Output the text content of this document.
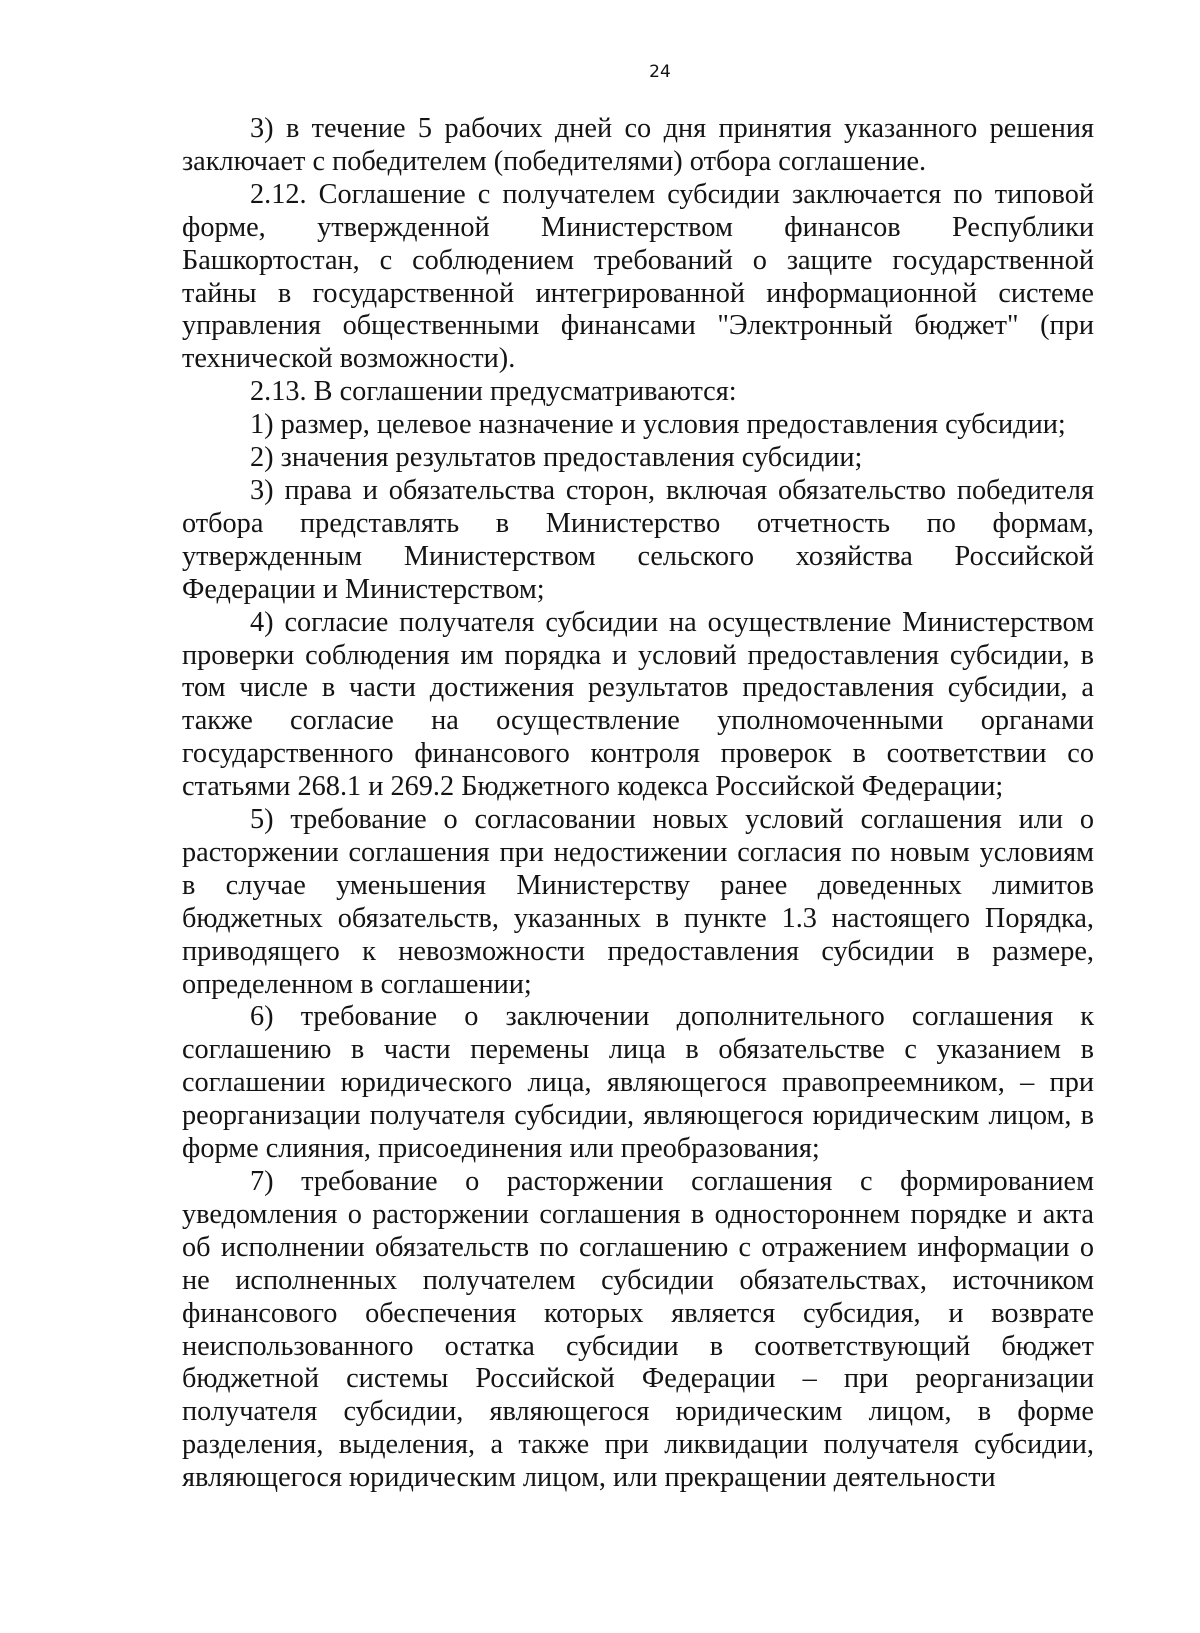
24

3) в течение 5 рабочих дней со дня принятия указанного решения заключает с победителем (победителями) отбора соглашение.

2.12. Соглашение с получателем субсидии заключается по типовой форме, утвержденной Министерством финансов Республики Башкортостан, с соблюдением требований о защите государственной тайны в государственной интегрированной информационной системе управления общественными финансами "Электронный бюджет" (при технической возможности).

2.13. В соглашении предусматриваются:

1) размер, целевое назначение и условия предоставления субсидии;

2) значения результатов предоставления субсидии;

3) права и обязательства сторон, включая обязательство победителя отбора представлять в Министерство отчетность по формам, утвержденным Министерством сельского хозяйства Российской Федерации и Министерством;

4) согласие получателя субсидии на осуществление Министерством проверки соблюдения им порядка и условий предоставления субсидии, в том числе в части достижения результатов предоставления субсидии, а также согласие на осуществление уполномоченными органами государственного финансового контроля проверок в соответствии со статьями 268.1 и 269.2 Бюджетного кодекса Российской Федерации;

5) требование о согласовании новых условий соглашения или о расторжении соглашения при недостижении согласия по новым условиям в случае уменьшения Министерству ранее доведенных лимитов бюджетных обязательств, указанных в пункте 1.3 настоящего Порядка, приводящего к невозможности предоставления субсидии в размере, определенном в соглашении;

6) требование о заключении дополнительного соглашения к соглашению в части перемены лица в обязательстве с указанием в соглашении юридического лица, являющегося правопреемником, – при реорганизации получателя субсидии, являющегося юридическим лицом, в форме слияния, присоединения или преобразования;

7) требование о расторжении соглашения с формированием уведомления о расторжении соглашения в одностороннем порядке и акта об исполнении обязательств по соглашению с отражением информации о не исполненных получателем субсидии обязательствах, источником финансового обеспечения которых является субсидия, и возврате неиспользованного остатка субсидии в соответствующий бюджет бюджетной системы Российской Федерации – при реорганизации получателя субсидии, являющегося юридическим лицом, в форме разделения, выделения, а также при ликвидации получателя субсидии, являющегося юридическим лицом, или прекращении деятельности
